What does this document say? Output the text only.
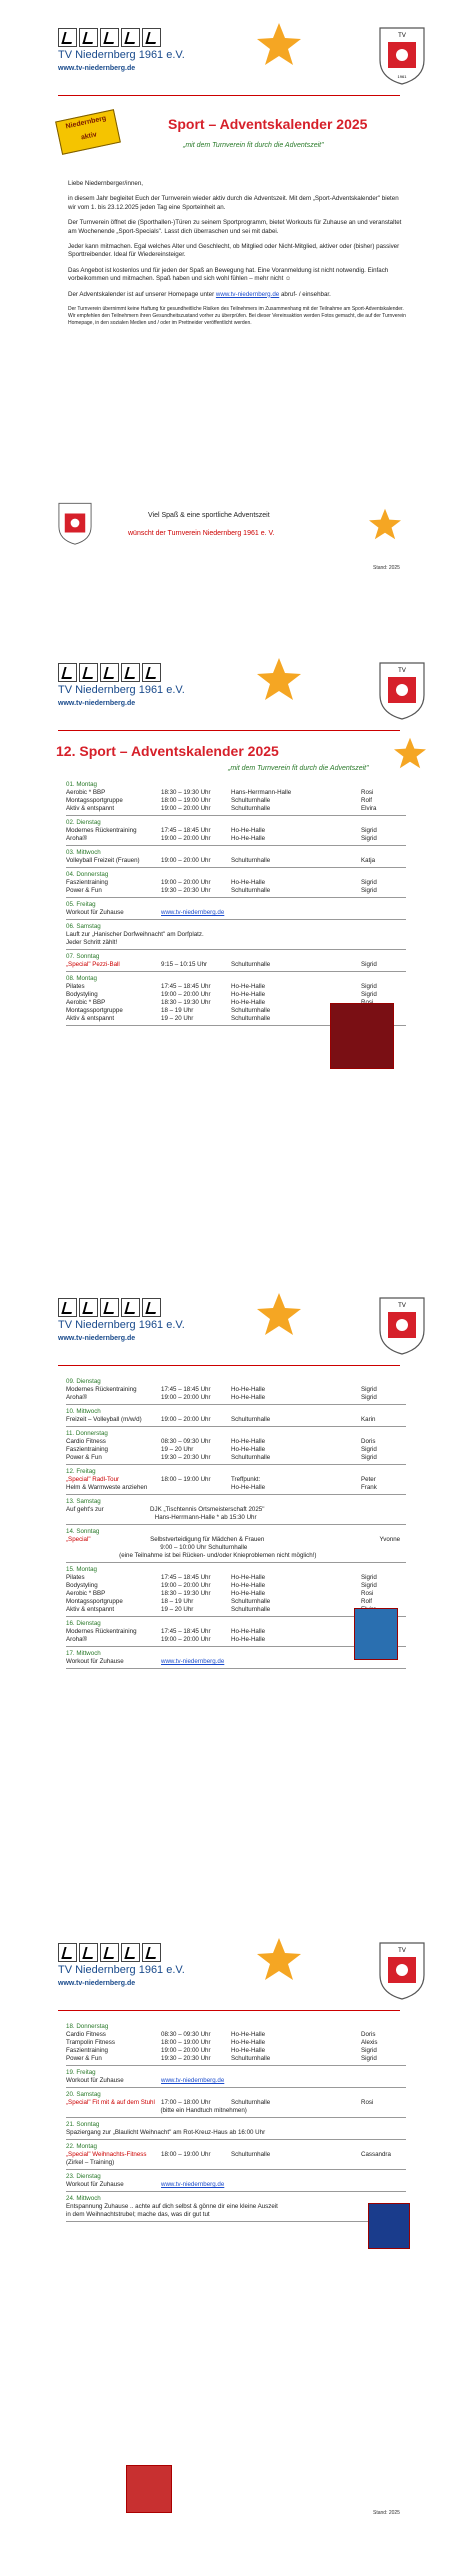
TV Niedernberg 1961 e.V.
www.tv-niedernberg.de
TV
1961
Niedernberg aktiv
Sport – Adventskalender 2025
„mit dem Turnverein fit durch die Adventszeit"

Liebe Niedernberger/innen,

in diesem Jahr begleitet Euch der Turnverein wieder aktiv durch die Adventszeit. Mit dem „Sport-Adventskalender" bieten wir vom 1. bis 23.12.2025 jeden Tag eine Sporteinheit an.

Der Turnverein öffnet die (Sporthallen-)Türen zu seinem Sportprogramm, bietet Workouts für Zuhause an und veranstaltet am Wochenende „Sport-Specials". Lasst dich überraschen und sei mit dabei.

Jeder kann mitmachen. Egal welches Alter und Geschlecht, ob Mitglied oder Nicht-Mitglied, aktiver oder (bisher) passiver Sporttreibender. Ideal für Wiedereinsteiger.

Das Angebot ist kostenlos und für jeden der Spaß an Bewegung hat. Eine Voranmeldung ist nicht notwendig. Einfach vorbeikommen und mitmachen. Spaß haben und sich wohl fühlen – mehr nicht ☺

Der Adventskalender ist auf unserer Homepage unter www.tv-niedernberg.de abruf- / einsehbar.

Der Turnverein übernimmt keine Haftung für gesundheitliche Risiken des Teilnehmers im Zusammenhang mit der Teilnahme am Sport-Adventskalender. Wir empfehlen den Teilnehmern ihren Gesundheitszustand vorher zu überprüfen. Bei dieser Vereinsaktion werden Fotos gemacht, die auf der Turnverein Homepage, in den sozialen Medien und / oder im Prettneider veröffentlicht werden.

Viel Spaß & eine sportliche Adventszeit
wünscht der Turnverein Niedernberg 1961 e. V.
Stand: 2025
TV Niedernberg 1961 e.V.
www.tv-niedernberg.de
TV
12. Sport – Adventskalender 2025
„mit dem Turnverein fit durch die Adventszeit"
01. Montag
Aerobic * BBP	18:30 – 19:30 Uhr	Hans-Herrmann-Halle	Rosi
Montagssportgruppe	18:00 – 19:00 Uhr	Schulturnhalle	Rolf
Aktiv & entspannt	19:00 – 20:00 Uhr	Schulturnhalle	Elvira
02. Dienstag
Modernes Rückentraining	17:45 – 18:45 Uhr	Ho-He-Halle	Sigrid
Aroha®	19:00 – 20:00 Uhr	Ho-He-Halle	Sigrid
03. Mittwoch
Volleyball Freizeit (Frauen)	19:00 – 20:00 Uhr	Schulturnhalle	Katja
04. Donnerstag
Faszientraining	19:00 – 20:00 Uhr	Ho-He-Halle	Sigrid
Power & Fun	19:30 – 20:30 Uhr	Schulturnhalle	Sigrid
05. Freitag
Workout für Zuhause	www.tv-niedernberg.de
06. Samstag
Lauft zur „Hanischer Dorfweihnacht" am Dorfplatz.
Jeder Schritt zählt!
07. Sonntag
„Special" Pezzi-Ball	9:15 – 10:15 Uhr	Schulturnhalle	Sigrid
08. Montag
Pilates	17:45 – 18:45 Uhr	Ho-He-Halle	Sigrid
Bodystyling	19:00 – 20:00 Uhr	Ho-He-Halle	Sigrid
Aerobic * BBP	18:30 – 19:30 Uhr	Ho-He-Halle
Montagssportgruppe	18 – 19 Uhr	Schulturnhalle
Aktiv & entspannt	19 – 20 Uhr	Schulturnhalle
TV Niedernberg 1961 e.V.
www.tv-niedernberg.de
TV
09. Dienstag
Modernes Rückentraining	17:45 – 18:45 Uhr	Ho-He-Halle	Sigrid
Aroha®	19:00 – 20:00 Uhr	Ho-He-Halle	Sigrid
10. Mittwoch
Freizeit – Volleyball (m/w/d)	19:00 – 20:00 Uhr	Schulturnhalle	Karin
11. Donnerstag
Cardio Fitness	08:30 – 09:30 Uhr	Ho-He-Halle	Doris
Faszientraining	19 – 20 Uhr	Ho-He-Halle	Sigrid
Power & Fun	19:30 – 20:30 Uhr	Schulturnhalle	Sigrid
12. Freitag
„Special" Radl-Tour	18:00 – 19:00 Uhr	Treffpunkt:	Peter
Helm & Warmweste anziehen	Ho-He-Halle	Frank
13. Samstag
Auf geht's zur	DJK „Tischtennis Ortsmeisterschaft 2025"
Hans-Herrmann-Halle * ab 15:30 Uhr
14. Sonntag
„Special"	Selbstverteidigung für Mädchen & Frauen	Yvonne
9:00 – 10:00 Uhr Schulturnhalle
(eine Teilnahme ist bei Rücken- und/oder Knieproblemen nicht möglich!)
15. Montag
Pilates	17:45 – 18:45 Uhr	Ho-He-Halle	Sigrid
Bodystyling	19:00 – 20:00 Uhr	Ho-He-Halle	Sigrid
Aerobic * BBP	18:30 – 19:30 Uhr	Ho-He-Halle	Rosi
Montagssportgruppe	18 – 19 Uhr	Schulturnhalle	Rolf
Aktiv & entspannt	19 – 20 Uhr	Schulturnhalle
16. Dienstag
Modernes Rückentraining	17:45 – 18:45 Uhr	Ho-He-Halle
Aroha®	19:00 – 20:00 Uhr	Ho-He-Halle
17. Mittwoch
Workout für Zuhause	www.tv-niedernberg.de
TV Niedernberg 1961 e.V.
www.tv-niedernberg.de
TV
18. Donnerstag
Cardio Fitness	08:30 – 09:30 Uhr	Ho-He-Halle	Doris
Trampolin Fitness	18:00 – 19:00 Uhr	Ho-He-Halle	Alexis
Faszientraining	19:00 – 20:00 Uhr	Ho-He-Halle	Sigrid
Power & Fun	19:30 – 20:30 Uhr	Schulturnhalle	Sigrid
19. Freitag
Workout für Zuhause	www.tv-niedernberg.de
20. Samstag
„Special" Fit mit & auf dem Stuhl 17:00 – 18:00 Uhr	Schulturnhalle	Rosi
(bitte ein Handtuch mitnehmen)
21. Sonntag
Spaziergang zur „Blaulicht Weihnacht" am Rot-Kreuz-Haus ab 16:00 Uhr
22. Montag
„Special" Weihnachts-Fitness	18:00 – 19:00 Uhr	Schulturnhalle	Cassandra
(Zirkel – Training)
23. Dienstag
Workout für Zuhause	www.tv-niedernberg.de
24. Mittwoch
Entspannung Zuhause .. achte auf dich selbst & gönne dir eine kleine Auszeit
in dem Weihnachtstrubel; mache das, was dir gut tut
Stand: 2025
